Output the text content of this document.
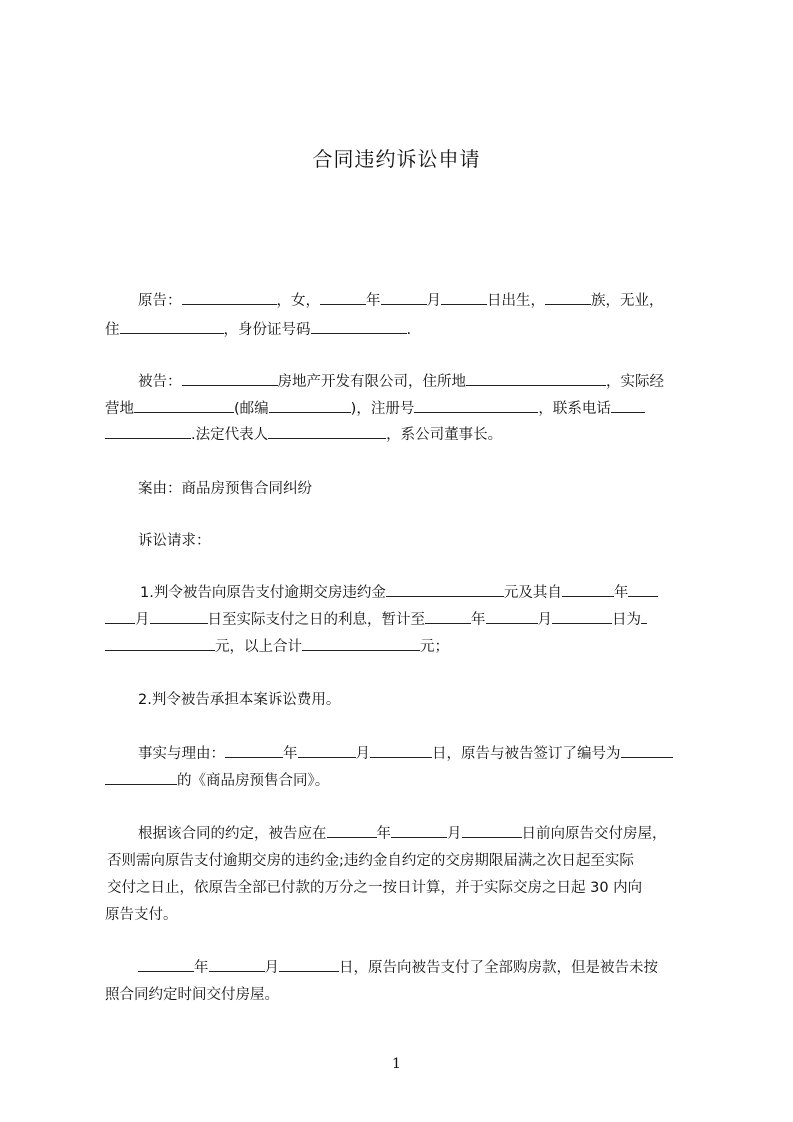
合同违约诉讼申请
原告：	，女，	年	月	日出生，	族，无业，
住	，身份证号码	.
被告：	房地产开发有限公司，住所地	，实际经
营地	(邮编	)，注册号	，联系电话
.法定代表人	，系公司董事长。
案由：商品房预售合同纠纷
诉讼请求：
1.判令被告向原告支付逾期交房违约金	元及其自	年
月	日至实际支付之日的利息，暂计至	年	月	日为
元，以上合计	元；
2.判令被告承担本案诉讼费用。
事实与理由：	年	月	日，原告与被告签订了编号为
的《商品房预售合同》。
根据该合同的约定，被告应在	年	月	日前向原告交付房屋，
否则需向原告支付逾期交房的违约金;违约金自约定的交房期限届满之次日起至实际
交付之日止，依原告全部已付款的万分之一按日计算，并于实际交房之日起 30 内向
原告支付。
年	月	日，原告向被告支付了全部购房款，但是被告未按
照合同约定时间交付房屋。
1
